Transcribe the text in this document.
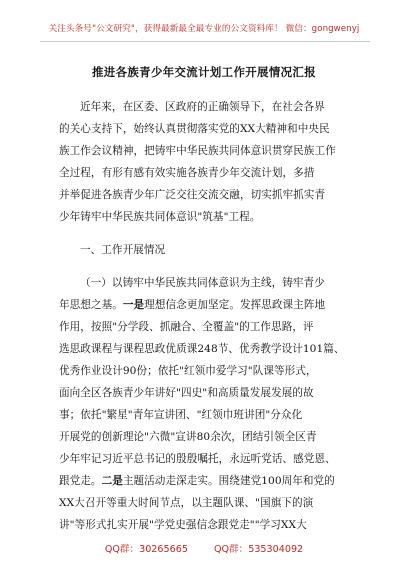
关注头条号"公文研究"，获得最新最全最专业的公文资料库！ 微信：gongwenyj
推进各族青少年交流计划工作开展情况汇报
近年来，在区委、区政府的正确领导下，在社会各界
的关心支持下，始终认真贯彻落实党的XX大精神和中央民
族工作会议精神，把铸牢中华民族共同体意识贯穿民族工作
全过程，有形有感有效实施各族青少年交流计划，多措
并举促进各族青少年广泛交往交流交融，切实抓牢抓实青
少年铸牢中华民族共同体意识"筑基"工程。
一、工作开展情况
（一）以铸牢中华民族共同体意识为主线，铸牢青少
年思想之基。一是理想信念更加坚定。发挥思政课主阵地
作用，按照"分学段、抓融合、全覆盖"的工作思路，评
选思政课程与课程思政优质课248节、优秀教学设计101篇、
优秀作业设计90份；依托"红领巾爱学习"队课等形式，
面向全区各族青少年讲好"四史"和高质量发展发展的故
事；依托"繁星"青年宣讲团、"红领巾班讲团"分众化
开展党的创新理论"六微"宣讲80余次，团结引领全区青
少年牢记习近平总书记的殷殷嘱托，永远听党话、感党恩、
跟党走。二是主题活动走深走实。围绕建党100周年和党的
XX大召开等重大时间节点，以主题队课、"国旗下的演
讲"等形式扎实开展"学党史强信念跟党走""学习XX大
QQ群：30265665	QQ群：535304092
